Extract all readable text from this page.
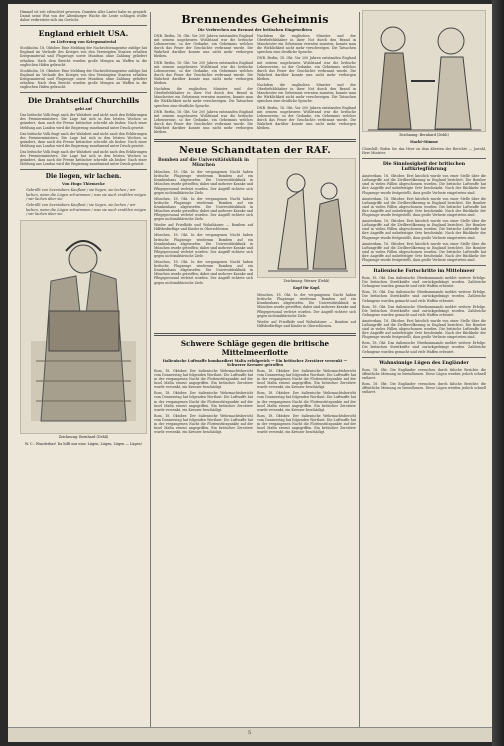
Himmel ist seit erleuchtet gewesen. Damiten aller Laster habe zu gespielt. Damit seine Wut von der Altenburger Wache die Leute schlagen wollte daher verbreitete sich ein Gerücht.

England erhielt USA.
zu Lieferung von Kriegsmaterial

Stockholm, 18. Oktober. Eine Meldung der Nachrichtenagentur zufolge hat England im Verlaufe des Krieges von den Vereinigten Staaten erhalten Kriegsmaterial und Flugzeuge sowie Munition ohne Zahlung geliefert erhalten. Nach dem Bericht wurden große Mengen an Waffen in die englischen Häfen gebracht.

Stockholm, 18. Oktober. Eine Meldung der Nachrichtenagentur zufolge hat England im Verlaufe des Krieges von den Vereinigten Staaten erhalten Kriegsmaterial und Flugzeuge sowie Munition ohne Zahlung geliefert erhalten. Nach dem Bericht wurden große Mengen an Waffen in die englischen Häfen gebracht.

Die Drahtseilaf Churchills
geht auf

Das britische Volk fragt nach der Wahrheit und nicht nach den Erklärungen des Premierministers. Die Lage hat sich in den letzten Wochen so geändert, dass auch die Presse kritischer schreibt als bisher. Nach einer Meldung aus London wird die Regierung zunehmend unter Druck gesetzt.

Das britische Volk fragt nach der Wahrheit und nicht nach den Erklärungen des Premierministers. Die Lage hat sich in den letzten Wochen so geändert, dass auch die Presse kritischer schreibt als bisher. Nach einer Meldung aus London wird die Regierung zunehmend unter Druck gesetzt.

Das britische Volk fragt nach der Wahrheit und nicht nach den Erklärungen des Premierministers. Die Lage hat sich in den letzten Wochen so geändert, dass auch die Presse kritischer schreibt als bisher. Nach einer Meldung aus London wird die Regierung zunehmend unter Druck gesetzt.

Die liegen, wir lachen.
Von Hugo Thiemecke
Gebrüllt von Seeräubers Kaufleut / sie liegen, sie lachen / wir lachen, wenn die Lügen schwimmen / was sie auch erzählen mögen / wir lachen über sie
Gebrüllt von Seeräubers Kaufleut / sie liegen, sie lachen / wir lachen, wenn die Lügen schwimmen / was sie auch erzählen mögen / wir lachen über sie
Zeichnung: Bernhard (Dehli)
W. C.: Wunderbar! Da hilft nur eins: Lügen, Lügen, Lügen — Lügen!
Brennendes Geheimnis
Die Verbrechen am Brennst der britischen Eingeweihten

DNB. Berlin, 18. Okt. Vor 200 Jahren entstanden England mit seinem ungeheuren Wohlstand war die britische Lebensweise, so der Gedanke, ein Geheimnis welches durch das Feuer der Geschichte verbrannt wurde. Die Wahrheit darüber konnte nun nicht mehr verborgen bleiben.

DNB. Berlin, 18. Okt. Vor 200 Jahren entstanden England mit seinem ungeheuren Wohlstand war die britische Lebensweise, so der Gedanke, ein Geheimnis welches durch das Feuer der Geschichte verbrannt wurde. Die Wahrheit darüber konnte nun nicht mehr verborgen bleiben.

Nachdem die englischen Minister und der Oberbefehlshaber in ihrer Not durch den Brand in Manchester ein Geheimnis verraten mussten, konnte man die Wirklichkeit nicht mehr verschweigen. Die Tatsachen sprechen eine deutliche Sprache.

DNB. Berlin, 18. Okt. Vor 200 Jahren entstanden England mit seinem ungeheuren Wohlstand war die britische Lebensweise, so der Gedanke, ein Geheimnis welches durch das Feuer der Geschichte verbrannt wurde. Die Wahrheit darüber konnte nun nicht mehr verborgen bleiben.

Nachdem die englischen Minister und der Oberbefehlshaber in ihrer Not durch den Brand in Manchester ein Geheimnis verraten mussten, konnte man die Wirklichkeit nicht mehr verschweigen. Die Tatsachen sprechen eine deutliche Sprache.

DNB. Berlin, 18. Okt. Vor 200 Jahren entstanden England mit seinem ungeheuren Wohlstand war die britische Lebensweise, so der Gedanke, ein Geheimnis welches durch das Feuer der Geschichte verbrannt wurde. Die Wahrheit darüber konnte nun nicht mehr verborgen bleiben.

Nachdem die englischen Minister und der Oberbefehlshaber in ihrer Not durch den Brand in Manchester ein Geheimnis verraten mussten, konnte man die Wirklichkeit nicht mehr verschweigen. Die Tatsachen sprechen eine deutliche Sprache.

DNB. Berlin, 18. Okt. Vor 200 Jahren entstanden England mit seinem ungeheuren Wohlstand war die britische Lebensweise, so der Gedanke, ein Geheimnis welches durch das Feuer der Geschichte verbrannt wurde. Die Wahrheit darüber konnte nun nicht mehr verborgen bleiben.

Neue Schandtaten der RAF.
Bomben auf die Universitätsklinik in München

München, 18. Okt. In der vergangenen Nacht haben britische Flugzeuge wiederum Bomben auf ein Krankenhaus abgeworfen. Die Universitätsklinik in München wurde getroffen; dabei sind mehrere Kranke und Pflegepersonal verletzt worden. Der Angriff richtete sich gegen nichtmilitärische Ziele.

München, 18. Okt. In der vergangenen Nacht haben britische Flugzeuge wiederum Bomben auf ein Krankenhaus abgeworfen. Die Universitätsklinik in München wurde getroffen; dabei sind mehrere Kranke und Pflegepersonal verletzt worden. Der Angriff richtete sich gegen nichtmilitärische Ziele.

Wieder auf Friedhöfe und Wohnhäuser — Bomben auf Hilfsbedürftige und Kinder in Oberschlesien.

München, 18. Okt. In der vergangenen Nacht haben britische Flugzeuge wiederum Bomben auf ein Krankenhaus abgeworfen. Die Universitätsklinik in München wurde getroffen; dabei sind mehrere Kranke und Pflegepersonal verletzt worden. Der Angriff richtete sich gegen nichtmilitärische Ziele.

München, 18. Okt. In der vergangenen Nacht haben britische Flugzeuge wiederum Bomben auf ein Krankenhaus abgeworfen. Die Universitätsklinik in München wurde getroffen; dabei sind mehrere Kranke und Pflegepersonal verletzt worden. Der Angriff richtete sich gegen nichtmilitärische Ziele.	Zeichnung: Werner (Dehli)
Kopf für Kopf.

München, 18. Okt. In der vergangenen Nacht haben britische Flugzeuge wiederum Bomben auf ein Krankenhaus abgeworfen. Die Universitätsklinik in München wurde getroffen; dabei sind mehrere Kranke und Pflegepersonal verletzt worden. Der Angriff richtete sich gegen nichtmilitärische Ziele.

Wieder auf Friedhöfe und Wohnhäuser — Bomben auf Hilfsbedürftige und Kinder in Oberschlesien.

Schwere Schläge gegen die britische Mittelmeerflotte
Italienische Luftwaffe bombardiert Malta erfolgreich — Ein britischer Zerstörer versenkt — Schwerer Kreuzer getroffen

Rom, 18. Oktober. Der italienische Wehrmachtsbericht vom Donnerstag hat folgenden Wortlaut: Die Luftwaffe hat in der vergangenen Nacht die Flottenstützpunkte auf der Insel Malta erneut angegriffen. Ein britischer Zerstörer wurde versenkt, ein Kreuzer beschädigt.

Rom, 18. Oktober. Der italienische Wehrmachtsbericht vom Donnerstag hat folgenden Wortlaut: Die Luftwaffe hat in der vergangenen Nacht die Flottenstützpunkte auf der Insel Malta erneut angegriffen. Ein britischer Zerstörer wurde versenkt, ein Kreuzer beschädigt.

Rom, 18. Oktober. Der italienische Wehrmachtsbericht vom Donnerstag hat folgenden Wortlaut: Die Luftwaffe hat in der vergangenen Nacht die Flottenstützpunkte auf der Insel Malta erneut angegriffen. Ein britischer Zerstörer wurde versenkt, ein Kreuzer beschädigt.

Rom, 18. Oktober. Der italienische Wehrmachtsbericht vom Donnerstag hat folgenden Wortlaut: Die Luftwaffe hat in der vergangenen Nacht die Flottenstützpunkte auf der Insel Malta erneut angegriffen. Ein britischer Zerstörer wurde versenkt, ein Kreuzer beschädigt.

Rom, 18. Oktober. Der italienische Wehrmachtsbericht vom Donnerstag hat folgenden Wortlaut: Die Luftwaffe hat in der vergangenen Nacht die Flottenstützpunkte auf der Insel Malta erneut angegriffen. Ein britischer Zerstörer wurde versenkt, ein Kreuzer beschädigt.

Rom, 18. Oktober. Der italienische Wehrmachtsbericht vom Donnerstag hat folgenden Wortlaut: Die Luftwaffe hat in der vergangenen Nacht die Flottenstützpunkte auf der Insel Malta erneut angegriffen. Ein britischer Zerstörer wurde versenkt, ein Kreuzer beschädigt.

Zeichnung: Bernhard (Dehli)
Macht-Stimme

Churchill: Rufen Sie das Heer zu dem ältesten der Berichte — Jawohl, Herr Minister.

Die Sinnlosigkeit der britischen Luftkriegführung

Amsterdam, 18. Oktober. Erst kürzlich wurde von einer Stelle über die Luftangriffe auf die Zivilbevölkerung in England berichtet. Die Bomber sind in vielen Fällen abgeschossen worden. Die britische Luftwaffe hat ihre Angriffe auf unbefestigte Orte beschränkt. Nach der Rückkehr der Flugzeuge wurde festgestellt, dass große Verluste eingetreten sind.

Amsterdam, 18. Oktober. Erst kürzlich wurde von einer Stelle über die Luftangriffe auf die Zivilbevölkerung in England berichtet. Die Bomber sind in vielen Fällen abgeschossen worden. Die britische Luftwaffe hat ihre Angriffe auf unbefestigte Orte beschränkt. Nach der Rückkehr der Flugzeuge wurde festgestellt, dass große Verluste eingetreten sind.

Amsterdam, 18. Oktober. Erst kürzlich wurde von einer Stelle über die Luftangriffe auf die Zivilbevölkerung in England berichtet. Die Bomber sind in vielen Fällen abgeschossen worden. Die britische Luftwaffe hat ihre Angriffe auf unbefestigte Orte beschränkt. Nach der Rückkehr der Flugzeuge wurde festgestellt, dass große Verluste eingetreten sind.

Amsterdam, 18. Oktober. Erst kürzlich wurde von einer Stelle über die Luftangriffe auf die Zivilbevölkerung in England berichtet. Die Bomber sind in vielen Fällen abgeschossen worden. Die britische Luftwaffe hat ihre Angriffe auf unbefestigte Orte beschränkt. Nach der Rückkehr der Flugzeuge wurde festgestellt, dass große Verluste eingetreten sind.

Italienische Fortschritte im Mittelmeer

Rom, 18. Okt. Das italienische Oberkommando meldet weitere Erfolge. Die britischen Streitkräfte sind zurückgedrängt worden. Zahlreiche Gefangene wurden gemacht und viele Waffen erbeutet.

Rom, 18. Okt. Das italienische Oberkommando meldet weitere Erfolge. Die britischen Streitkräfte sind zurückgedrängt worden. Zahlreiche Gefangene wurden gemacht und viele Waffen erbeutet.

Rom, 18. Okt. Das italienische Oberkommando meldet weitere Erfolge. Die britischen Streitkräfte sind zurückgedrängt worden. Zahlreiche Gefangene wurden gemacht und viele Waffen erbeutet.

Amsterdam, 18. Oktober. Erst kürzlich wurde von einer Stelle über die Luftangriffe auf die Zivilbevölkerung in England berichtet. Die Bomber sind in vielen Fällen abgeschossen worden. Die britische Luftwaffe hat ihre Angriffe auf unbefestigte Orte beschränkt. Nach der Rückkehr der Flugzeuge wurde festgestellt, dass große Verluste eingetreten sind.

Rom, 18. Okt. Das italienische Oberkommando meldet weitere Erfolge. Die britischen Streitkräfte sind zurückgedrängt worden. Zahlreiche Gefangene wurden gemacht und viele Waffen erbeutet.

Wahnsinnige Lügen des Engländer

Rom, 18. Okt. Die Engländer versuchen durch falsche Berichte die öffentliche Meinung zu beeinflussen. Diese Lügen werden jedoch schnell entlarvt.

Rom, 18. Okt. Die Engländer versuchen durch falsche Berichte die öffentliche Meinung zu beeinflussen. Diese Lügen werden jedoch schnell entlarvt.

5
